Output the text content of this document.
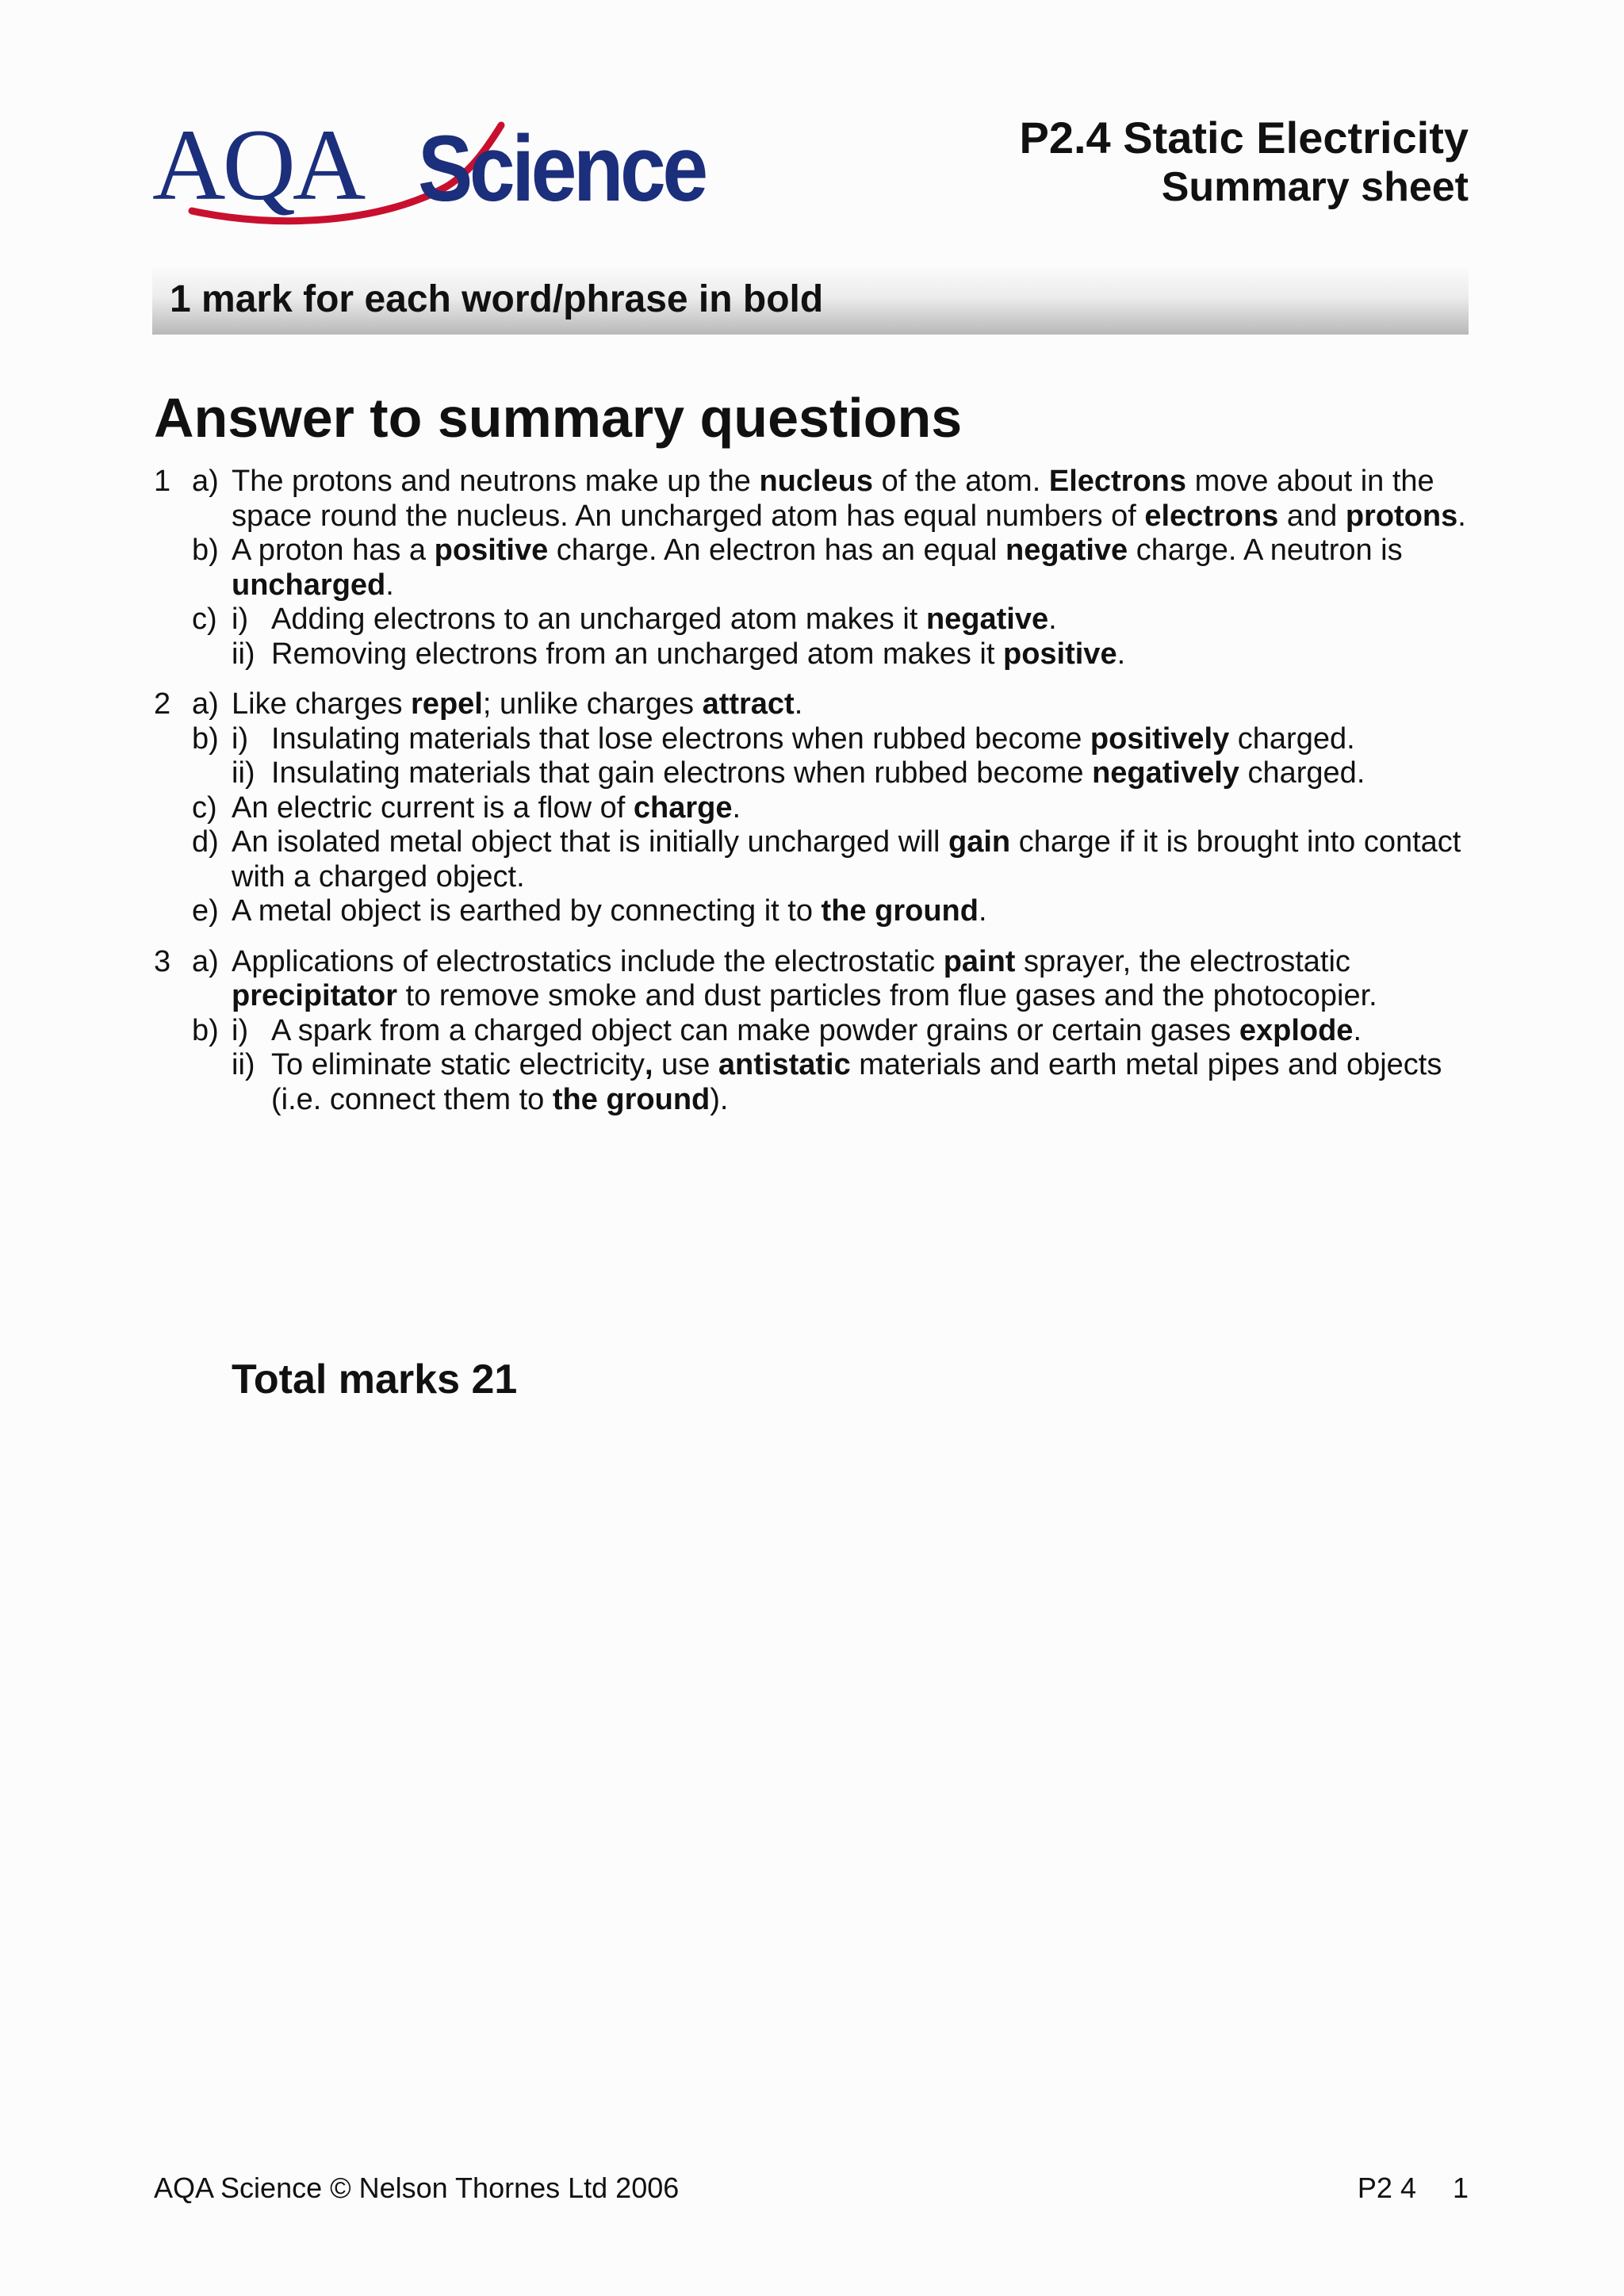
AQA Science	P2.4 Static Electricity
Summary sheet
1 mark for each word/phrase in bold
Answer to summary questions
1 a) The protons and neutrons make up the nucleus of the atom. Electrons move about in the space round the nucleus. An uncharged atom has equal numbers of electrons and protons.
b) A proton has a positive charge. An electron has an equal negative charge. A neutron is uncharged.
c) i) Adding electrons to an uncharged atom makes it negative.
ii) Removing electrons from an uncharged atom makes it positive.
2 a) Like charges repel; unlike charges attract.
b) i) Insulating materials that lose electrons when rubbed become positively charged.
ii) Insulating materials that gain electrons when rubbed become negatively charged.
c) An electric current is a flow of charge.
d) An isolated metal object that is initially uncharged will gain charge if it is brought into contact with a charged object.
e) A metal object is earthed by connecting it to the ground.
3 a) Applications of electrostatics include the electrostatic paint sprayer, the electrostatic precipitator to remove smoke and dust particles from flue gases and the photocopier.
b) i) A spark from a charged object can make powder grains or certain gases explode.
ii) To eliminate static electricity, use antistatic materials and earth metal pipes and objects (i.e. connect them to the ground).
Total marks 21
AQA Science © Nelson Thornes Ltd 2006	P2 4 1
